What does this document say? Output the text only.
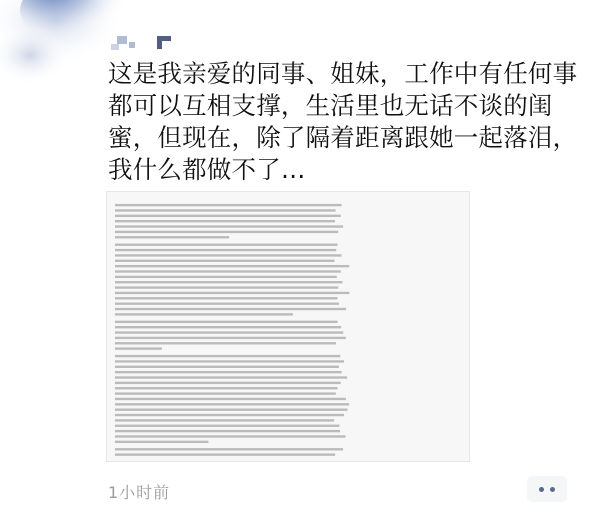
这是我亲爱的同事、姐妹，工作中有任何事都可以互相支撑，生活里也无话不谈的闺蜜，但现在，除了隔着距离跟她一起落泪，我什么都做不了…

1小时前
